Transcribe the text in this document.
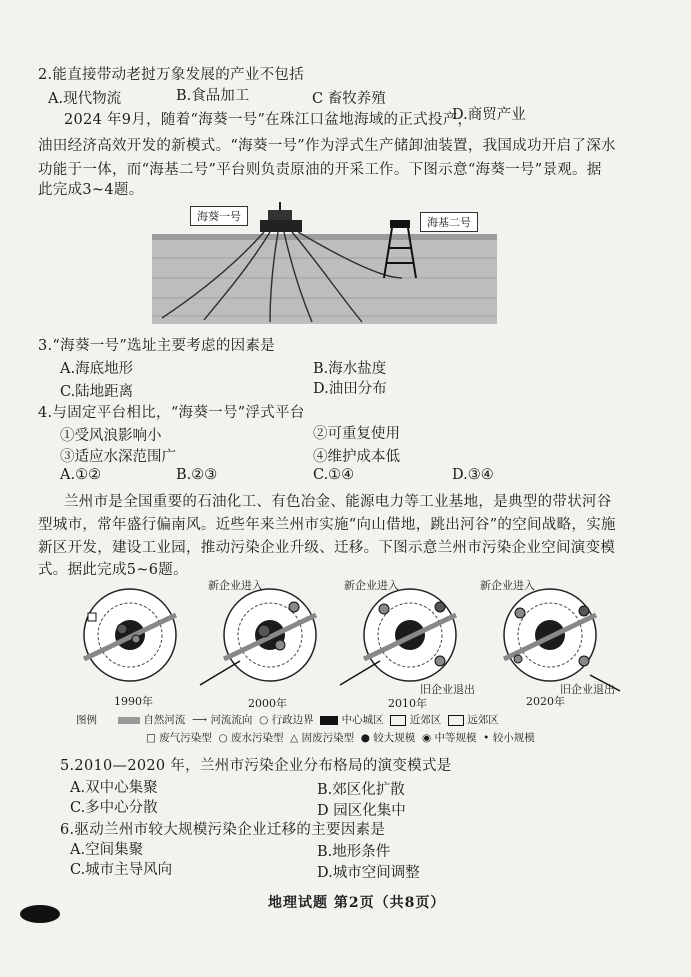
2.能直接带动老挝万象发展的产业不包括
A.现代物流	B.食品加工	C 畜牧养殖
D.商贸产业
2024 年9月，随着“海葵一号”在珠江口盆地海域的正式投产，
油田经济高效开发的新模式。“海葵一号”作为浮式生产储卸油装置，我国成功开启了深水
功能于一体，而“海基二号”平台则负责原油的开采工作。下图示意“海葵一号”景观。据
此完成3~4题。
海葵一号	海基二号
3.“海葵一号”选址主要考虑的因素是
A.海底地形	B.海水盐度
C.陆地距离	D.油田分布
4.与固定平台相比，“海葵一号”浮式平台
①受风浪影响小	②可重复使用
③适应水深范围广	④维护成本低
A.①②	B.②③	C.①④	D.③④
兰州市是全国重要的石油化工、有色冶金、能源电力等工业基地，是典型的带状河谷
型城市，常年盛行偏南风。近些年来兰州市实施“向山借地，跳出河谷”的空间战略，实施
新区开发，建设工业园，推动污染企业升级、迁移。下图示意兰州市污染企业空间演变模
式。据此完成5~6题。
新企业进入	新企业进入	新企业进入
旧企业退出	旧企业退出
1990年	2000年	2010年	2020年
图例	自然河流 ⟶ 河流流向 ○ 行政边界	中心城区 近郊区 远郊区
□ 废气污染型 ○ 废水污染型 △ 固废污染型 ● 较大规模 ◉ 中等规模 • 较小规模
5.2010—2020 年，兰州市污染企业分布格局的演变模式是
A.双中心集聚	B.郊区化扩散
C.多中心分散	D 园区化集中
6.驱动兰州市较大规模污染企业迁移的主要因素是
A.空间集聚	B.地形条件
C.城市主导风向	D.城市空间调整
地理试题 第2页（共8页）
